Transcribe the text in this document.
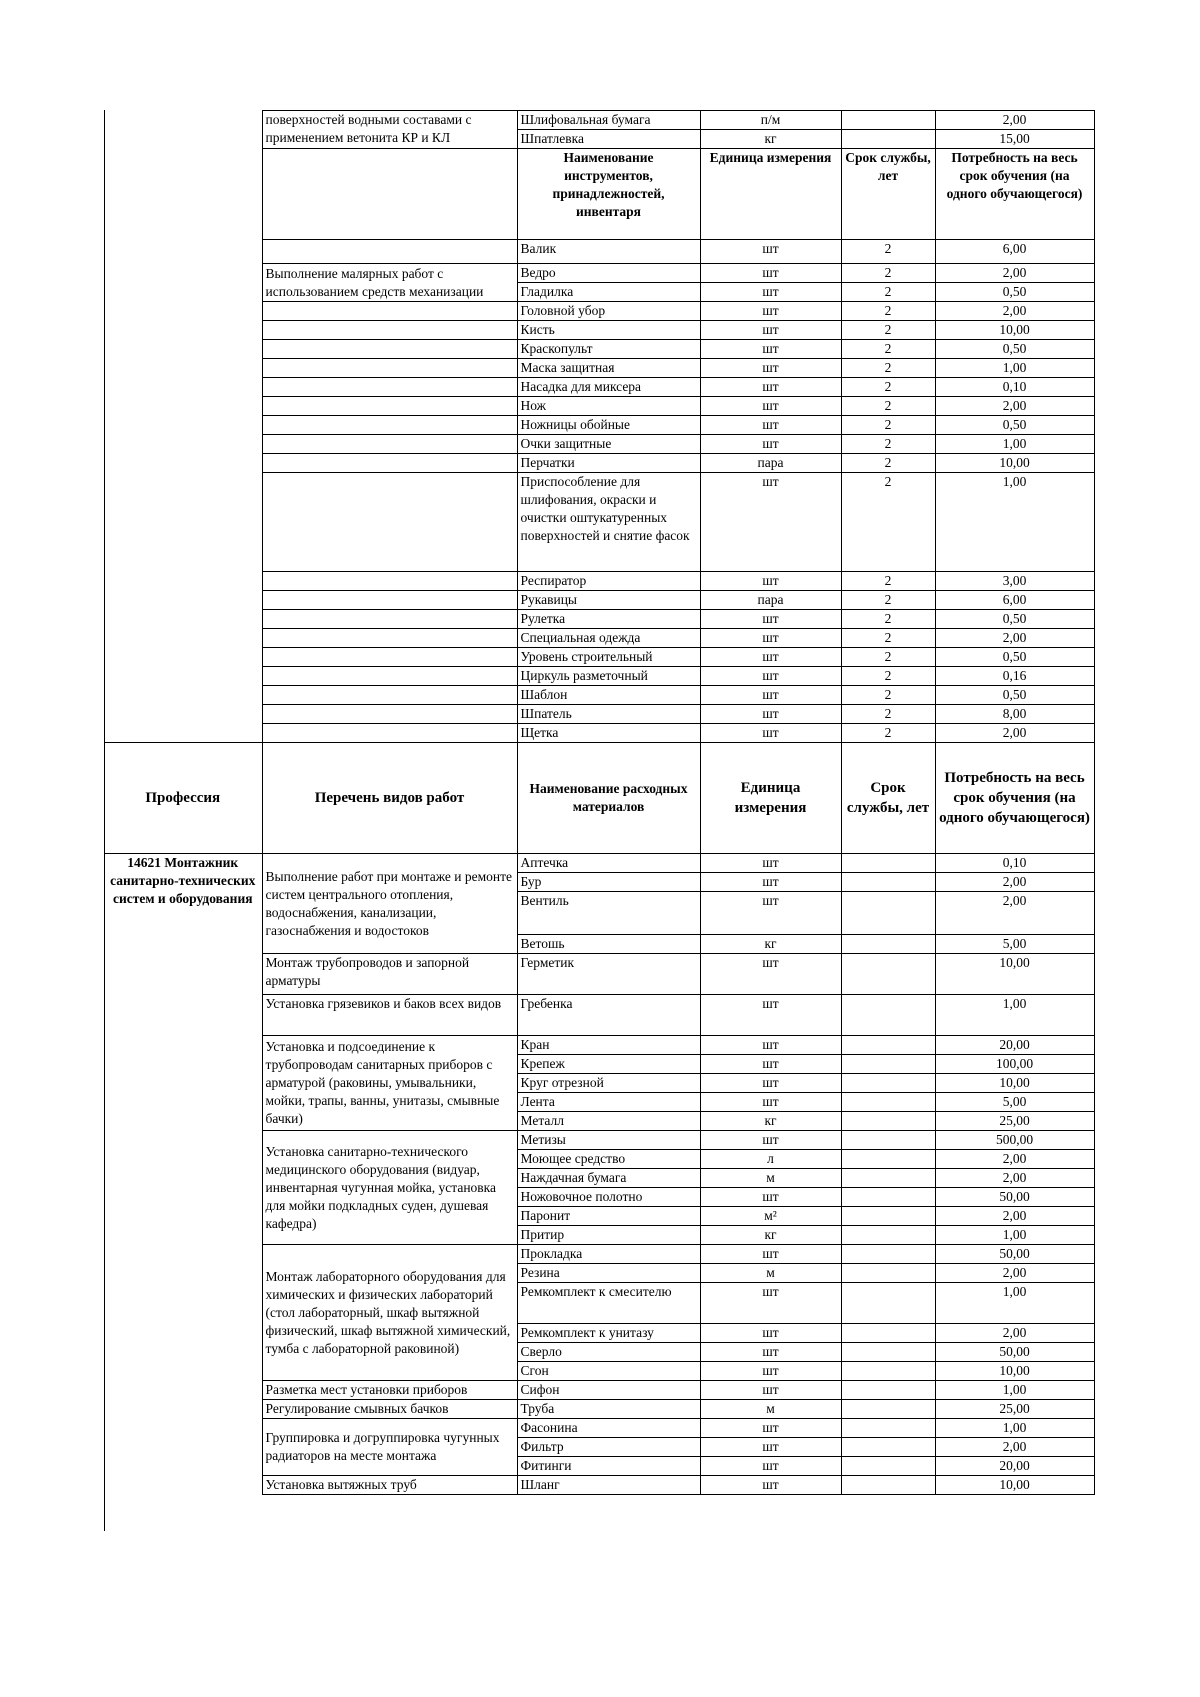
	поверхностей водными составами с применением ветонита КР и КЛ	Шлифовальная бумага	п/м		2,00
		Шпатлевка	кг		15,00
		Наименование инструментов, принадлежностей, инвентаря	Единица измерения	Срок службы, лет	Потребность на весь срок обучения (на одного обучающегося)
		Валик	шт	2	6,00
	Выполнение малярных работ с использованием средств механизации	Ведро	шт	2	2,00
		Гладилка	шт	2	0,50
		Головной убор	шт	2	2,00
		Кисть	шт	2	10,00
		Краскопульт	шт	2	0,50
		Маска защитная	шт	2	1,00
		Насадка для миксера	шт	2	0,10
		Нож	шт	2	2,00
		Ножницы обойные	шт	2	0,50
		Очки защитные	шт	2	1,00
		Перчатки	пара	2	10,00
		Приспособление для шлифования, окраски и очистки оштукатуренных поверхностей и снятие фасок	шт	2	1,00
		Респиратор	шт	2	3,00
		Рукавицы	пара	2	6,00
		Рулетка	шт	2	0,50
		Специальная одежда	шт	2	2,00
		Уровень строительный	шт	2	0,50
		Циркуль разметочный	шт	2	0,16
		Шаблон	шт	2	0,50
		Шпатель	шт	2	8,00
		Щетка	шт	2	2,00
Профессия	Перечень видов работ	Наименование расходных материалов	Единица измерения	Срок службы, лет	Потребность на весь срок обучения (на одного обучающегося)
14621 Монтажник санитарно-технических систем и оборудования	Выполнение работ при монтаже и ремонте систем центрального отопления, водоснабжения, канализации, газоснабжения и водостоков	Аптечка	шт		0,10
		Бур	шт		2,00
		Вентиль	шт		2,00
		Ветошь	кг		5,00
	Монтаж трубопроводов и запорной арматуры	Герметик	шт		10,00
	Установка грязевиков и баков всех видов	Гребенка	шт		1,00
	Установка и подсоединение к трубопроводам санитарных приборов с арматурой (раковины, умывальники, мойки, трапы, ванны, унитазы, смывные бачки)	Кран	шт		20,00
		Крепеж	шт		100,00
		Круг отрезной	шт		10,00
		Лента	шт		5,00
		Металл	кг		25,00
	Установка санитарно-технического медицинского оборудования (видуар, инвентарная чугунная мойка, установка для мойки подкладных суден, душевая кафедра)	Метизы	шт		500,00
		Моющее средство	л		2,00
		Наждачная бумага	м		2,00
		Ножовочное полотно	шт		50,00
		Паронит	м²		2,00
		Притир	кг		1,00
	Монтаж лабораторного оборудования для химических и физических лабораторий (стол лабораторный, шкаф вытяжной физический, шкаф вытяжной химический, тумба с лабораторной раковиной)	Прокладка	шт		50,00
		Резина	м		2,00
		Ремкомплект к смесителю	шт		1,00
		Ремкомплект к унитазу	шт		2,00
		Сверло	шт		50,00
		Сгон	шт		10,00
	Разметка мест установки приборов	Сифон	шт		1,00
	Регулирование смывных бачков	Труба	м		25,00
	Группировка и догруппировка чугунных радиаторов на месте монтажа	Фасонина	шт		1,00
		Фильтр	шт		2,00
		Фитинги	шт		20,00
	Установка вытяжных труб	Шланг	шт		10,00
